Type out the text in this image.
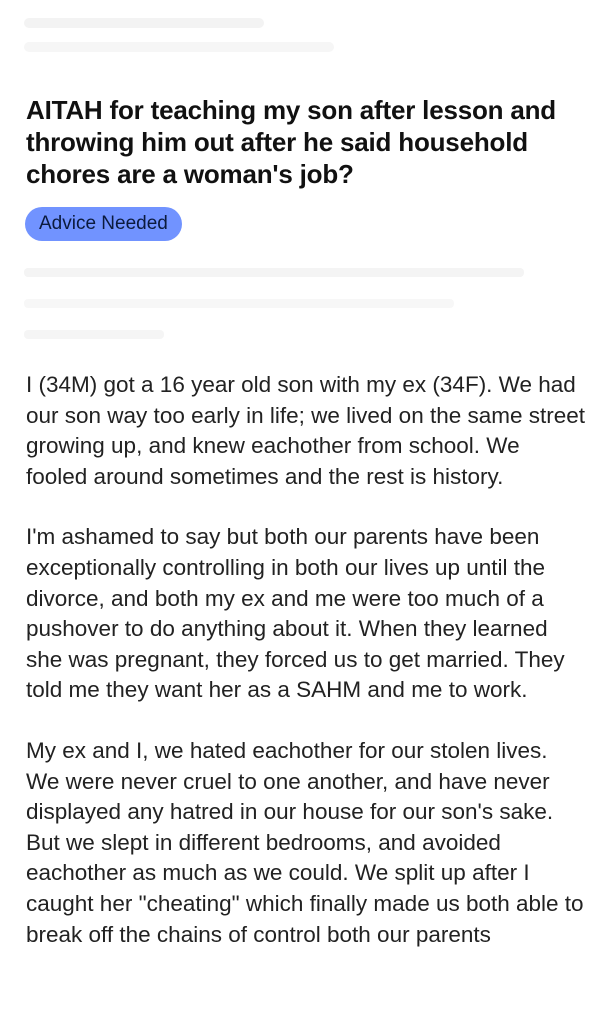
AITAH for teaching my son after lesson and throwing him out after he said household chores are a woman's job?
Advice Needed

I (34M) got a 16 year old son with my ex (34F). We had our son way too early in life; we lived on the same street growing up, and knew eachother from school. We fooled around sometimes and the rest is history.

I'm ashamed to say but both our parents have been exceptionally controlling in both our lives up until the divorce, and both my ex and me were too much of a pushover to do anything about it. When they learned she was pregnant, they forced us to get married. They told me they want her as a SAHM and me to work.

My ex and I, we hated eachother for our stolen lives. We were never cruel to one another, and have never displayed any hatred in our house for our son's sake. But we slept in different bedrooms, and avoided eachother as much as we could. We split up after I caught her "cheating" which finally made us both able to break off the chains of control both our parents
